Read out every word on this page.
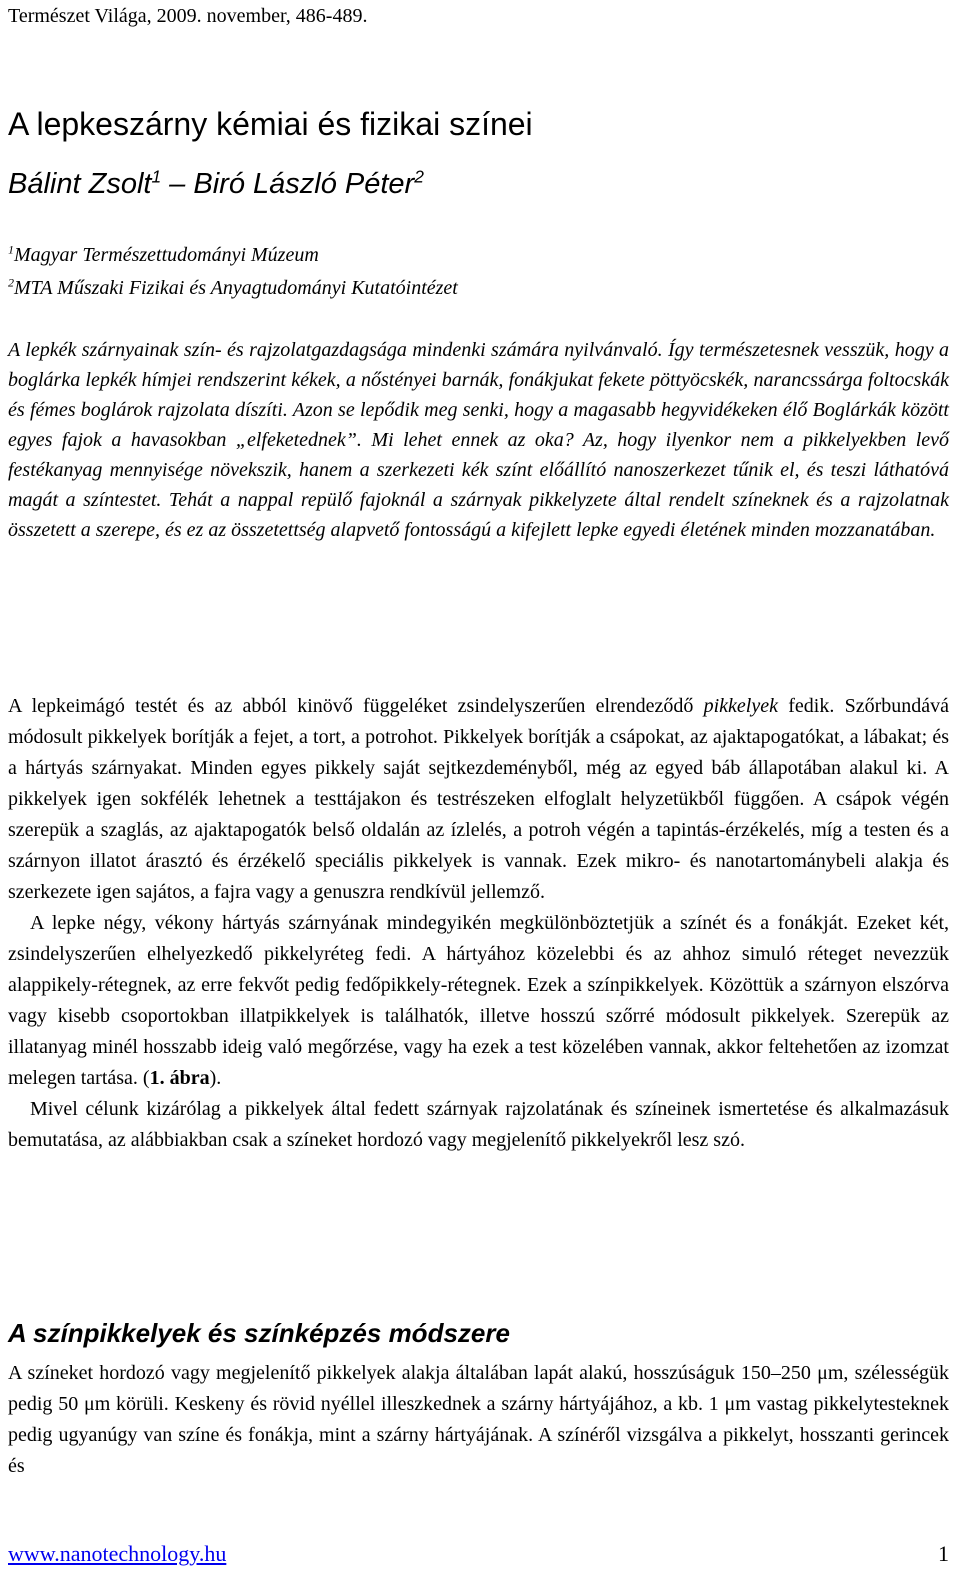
Természet Világa, 2009. november, 486-489.
A lepkeszárny kémiai és fizikai színei
Bálint Zsolt$^1$ – Biró László Péter$^2$
$^1$Magyar Természettudományi Múzeum
$^2$MTA Műszaki Fizikai és Anyagtudományi Kutatóintézet

A lepkék szárnyainak szín- és rajzolatgazdagsága mindenki számára nyilvánvaló. Így természetesnek vesszük, hogy a boglárka lepkék hímjei rendszerint kékek, a nőstényei barnák, fonákjukat fekete pöttyöcskék, narancssárga foltocskák és fémes boglárok rajzolata díszíti. Azon se lepődik meg senki, hogy a magasabb hegyvidékeken élő Boglárkák között egyes fajok a havasokban „elfeketednek”. Mi lehet ennek az oka? Az, hogy ilyenkor nem a pikkelyekben levő festékanyag mennyisége növekszik, hanem a szerkezeti kék színt előállító nanoszerkezet tűnik el, és teszi láthatóvá magát a színtestet. Tehát a nappal repülő fajoknál a szárnyak pikkelyzete által rendelt színeknek és a rajzolatnak összetett a szerepe, és ez az összetettség alapvető fontosságú a kifejlett lepke egyedi életének minden mozzanatában.

A lepkeimágó testét és az abból kinövő függeléket zsindelyszerűen elrendeződő pikkelyek fedik. Szőrbundává módosult pikkelyek borítják a fejet, a tort, a potrohot. Pikkelyek borítják a csápokat, az ajaktapogatókat, a lábakat; és a hártyás szárnyakat. Minden egyes pikkely saját sejtkezdeményből, még az egyed báb állapotában alakul ki. A pikkelyek igen sokfélék lehetnek a testtájakon és testrészeken elfoglalt helyzetükből függően. A csápok végén szerepük a szaglás, az ajaktapogatók belső oldalán az ízlelés, a potroh végén a tapintás-érzékelés, míg a testen és a szárnyon illatot árasztó és érzékelő speciális pikkelyek is vannak. Ezek mikro- és nanotartománybeli alakja és szerkezete igen sajátos, a fajra vagy a genuszra rendkívül jellemző.

A lepke négy, vékony hártyás szárnyának mindegyikén megkülönböztetjük a színét és a fonákját. Ezeket két, zsindelyszerűen elhelyezkedő pikkelyréteg fedi. A hártyához közelebbi és az ahhoz simuló réteget nevezzük alappikely-rétegnek, az erre fekvőt pedig fedőpikkely-rétegnek. Ezek a színpikkelyek. Közöttük a szárnyon elszórva vagy kisebb csoportokban illatpikkelyek is találhatók, illetve hosszú szőrré módosult pikkelyek. Szerepük az illatanyag minél hosszabb ideig való megőrzése, vagy ha ezek a test közelében vannak, akkor feltehetően az izomzat melegen tartása. (1. ábra).

Mivel célunk kizárólag a pikkelyek által fedett szárnyak rajzolatának és színeinek ismertetése és alkalmazásuk bemutatása, az alábbiakban csak a színeket hordozó vagy megjelenítő pikkelyekről lesz szó.

A színpikkelyek és színképzés módszere

A színeket hordozó vagy megjelenítő pikkelyek alakja általában lapát alakú, hosszúságuk 150–250 μm, szélességük pedig 50 μm körüli. Keskeny és rövid nyéllel illeszkednek a szárny hártyájához, a kb. 1 μm vastag pikkelytesteknek pedig ugyanúgy van színe és fonákja, mint a szárny hártyájának. A színéről vizsgálva a pikkelyt, hosszanti gerincek és

www.nanotechnology.hu	1
